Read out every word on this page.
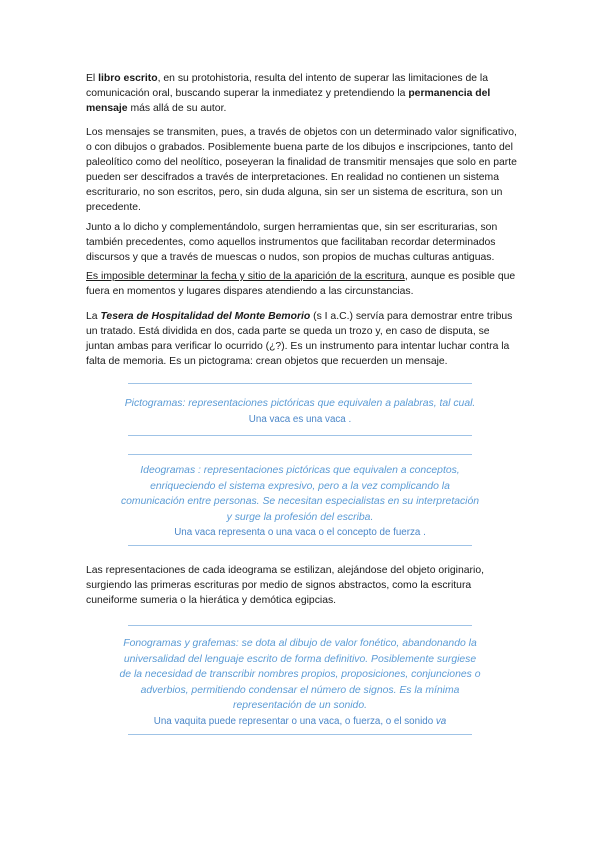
El libro escrito, en su protohistoria, resulta del intento de superar las limitaciones de la comunicación oral, buscando superar la inmediatez y pretendiendo la permanencia del mensaje más allá de su autor.

Los mensajes se transmiten, pues, a través de objetos con un determinado valor significativo, o con dibujos o grabados. Posiblemente buena parte de los dibujos e inscripciones, tanto del paleolítico como del neolítico, poseyeran la finalidad de transmitir mensajes que solo en parte pueden ser descifrados a través de interpretaciones. En realidad no contienen un sistema escriturario, no son escritos, pero, sin duda alguna, sin ser un sistema de escritura, son un precedente.

Junto a lo dicho y complementándolo, surgen herramientas que, sin ser escriturarias, son también precedentes, como aquellos instrumentos que facilitaban recordar determinados discursos y que a través de muescas o nudos, son propios de muchas culturas antiguas.

Es imposible determinar la fecha y sitio de la aparición de la escritura, aunque es posible que fuera en momentos y lugares dispares atendiendo a las circunstancias.

La Tesera de Hospitalidad del Monte Bemorio (s I a.C.) servía para demostrar entre tribus un tratado. Está dividida en dos, cada parte se queda un trozo y, en caso de disputa, se juntan ambas para verificar lo ocurrido (¿?). Es un instrumento para intentar luchar contra la falta de memoria. Es un pictograma: crean objetos que recuerden un mensaje.

Pictogramas: representaciones pictóricas que equivalen a palabras, tal cual.
Una vaca es una vaca .
Ideogramas : representaciones pictóricas que equivalen a conceptos, enriqueciendo el sistema expresivo, pero a la vez complicando la comunicación entre personas. Se necesitan especialistas en su interpretación y surge la profesión del escriba.
Una vaca representa o una vaca o el concepto de fuerza .

Las representaciones de cada ideograma se estilizan, alejándose del objeto originario, surgiendo las primeras escrituras por medio de signos abstractos, como la escritura cuneiforme sumeria o la hierática y demótica egipcias.

Fonogramas y grafemas: se dota al dibujo de valor fonético, abandonando la universalidad del lenguaje escrito de forma definitivo. Posiblemente surgiese de la necesidad de transcribir nombres propios, proposiciones, conjunciones o adverbios, permitiendo condensar el número de signos. Es la mínima representación de un sonido.
Una vaquita puede representar o una vaca, o fuerza, o el sonido va
